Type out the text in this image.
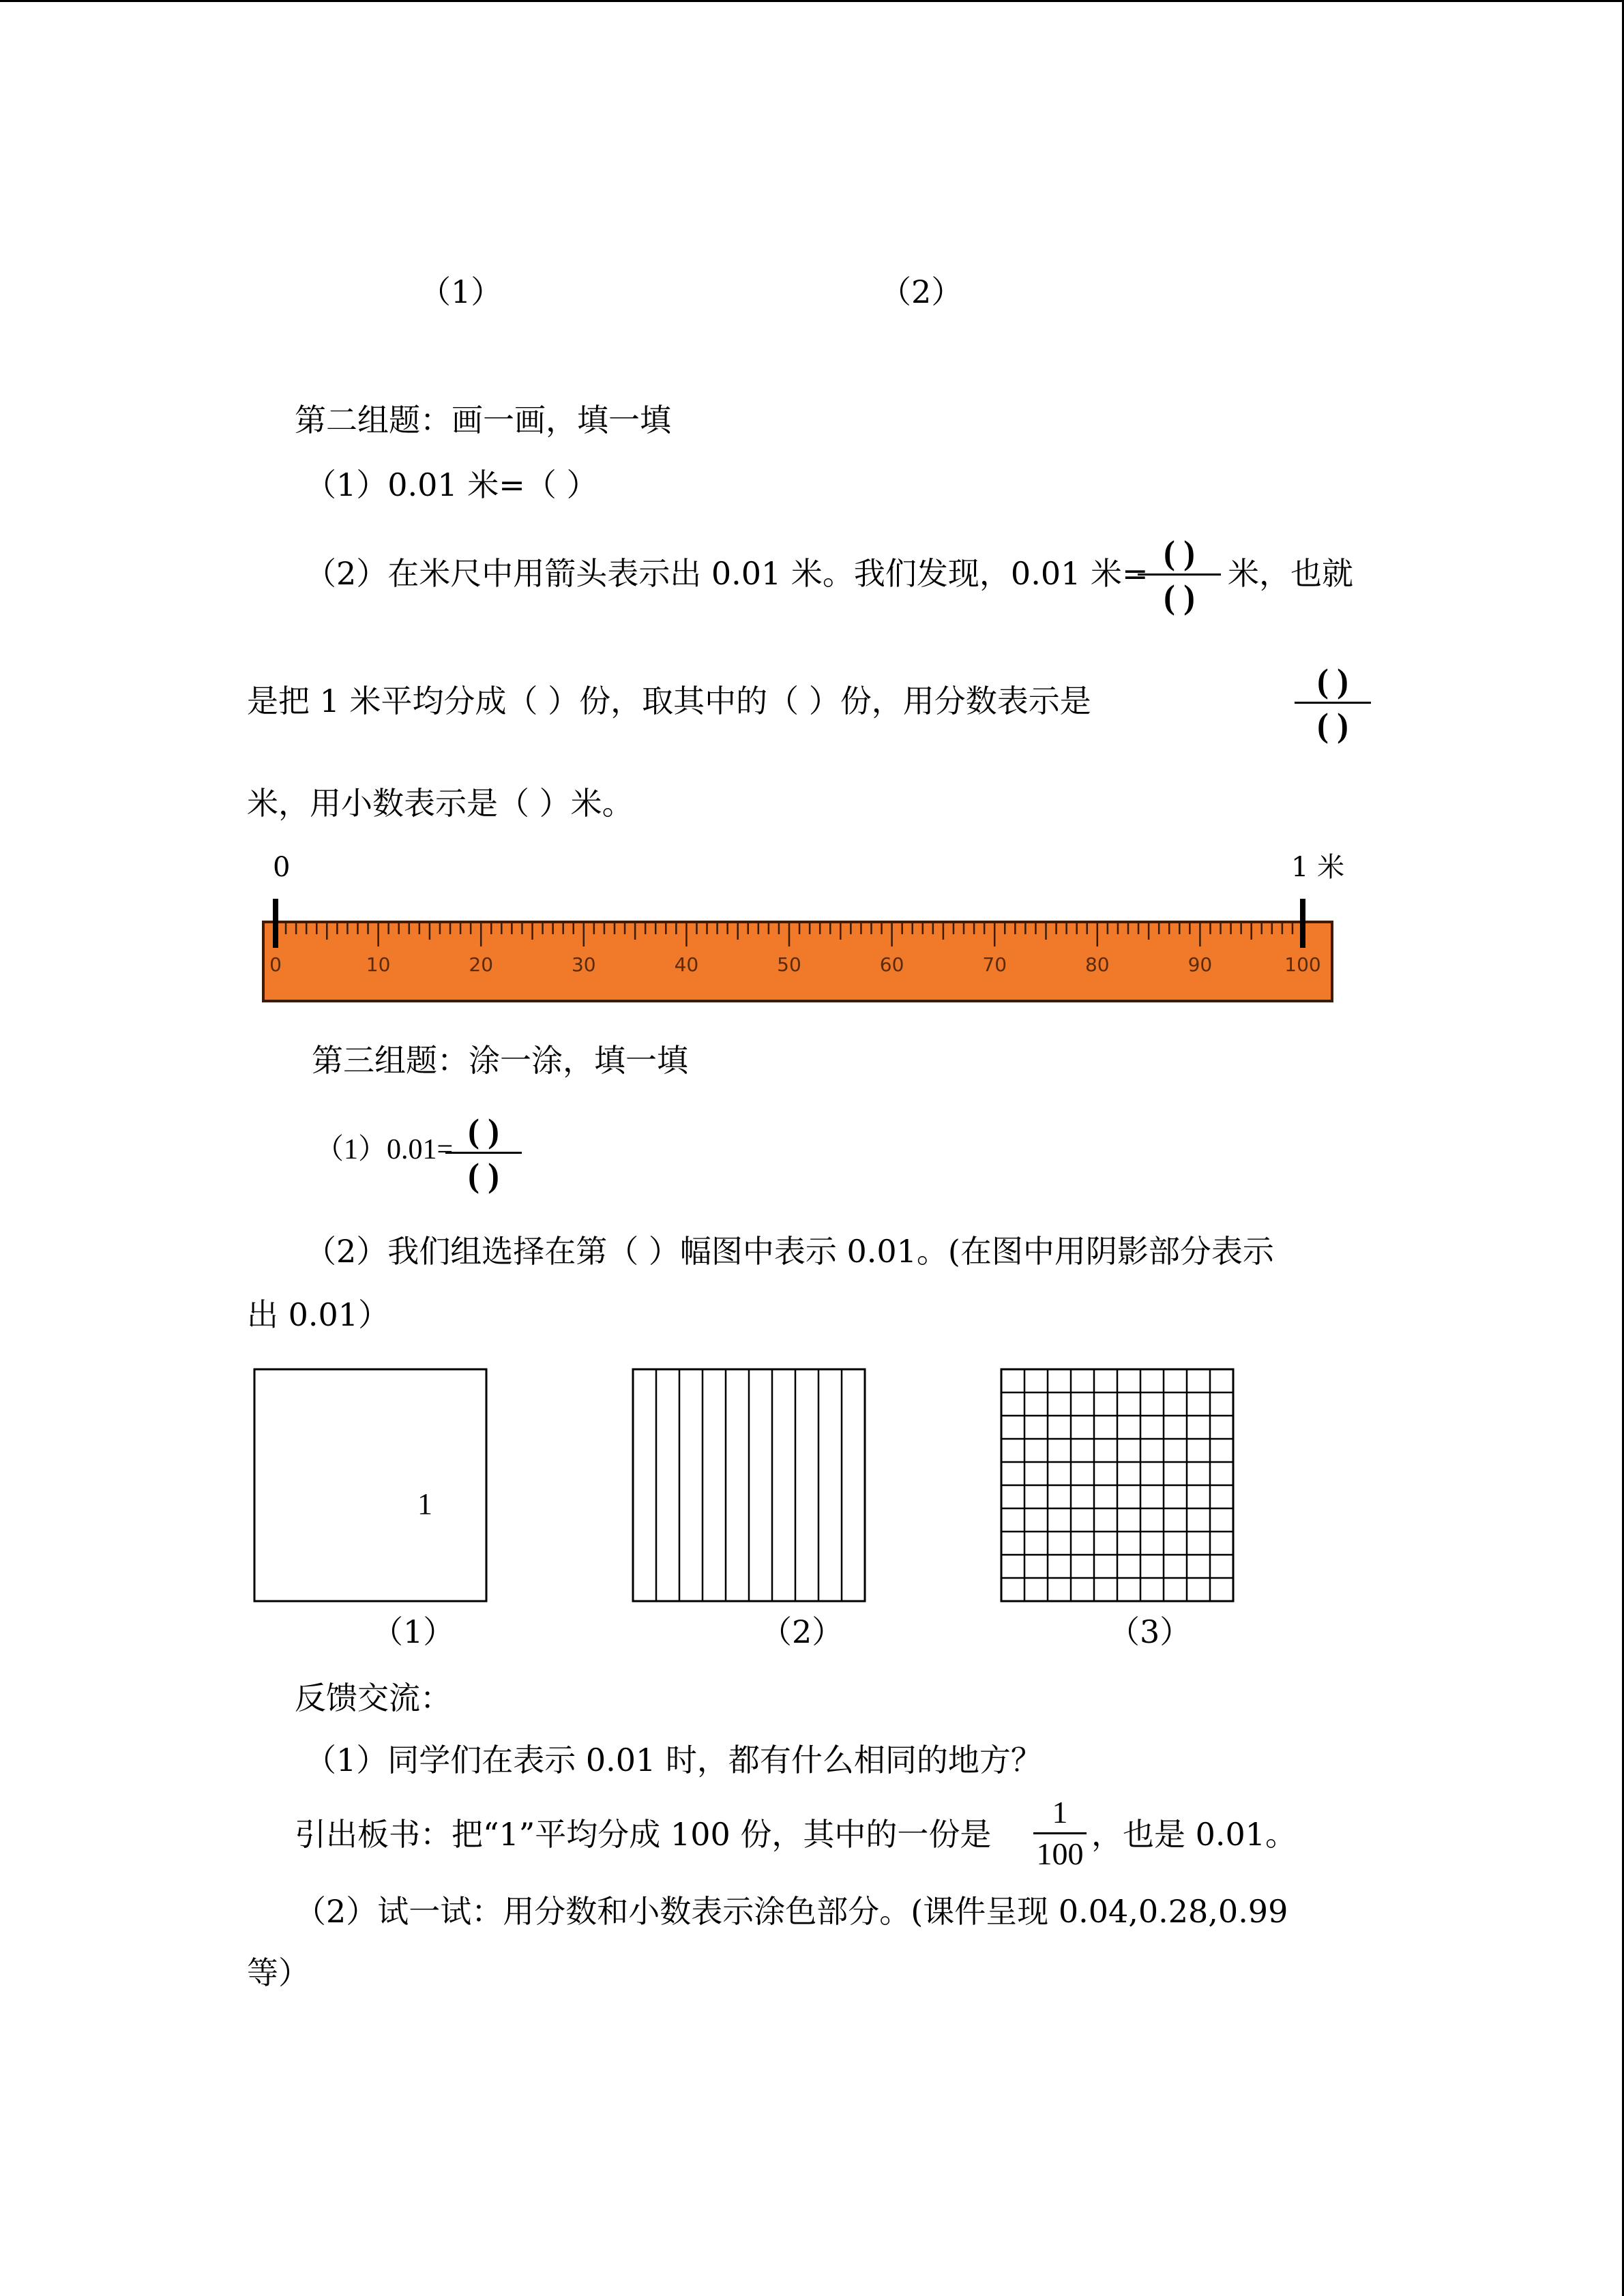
（1）	（2）
第二组题：画一画，填一填
（1）0.01 米=（ ）
（2）在米尺中用箭头表示出 0.01 米。我们发现，0.01 米=
( )
( )
米，也就
是把 1 米平均分成（ ）份，取其中的（ ）份，用分数表示是
( )
( )
米，用小数表示是（ ）米。
0	1 米
0	10	20	30	40	50	60	70	80	90	100
第三组题：涂一涂，填一填
（1）0.01= ( )
( )
（2）我们组选择在第（ ）幅图中表示 0.01。(在图中用阴影部分表示
出 0.01）
1
（1）	（2）	（3）
反馈交流：
（1）同学们在表示 0.01 时，都有什么相同的地方？
引出板书：把“1”平均分成 100 份，其中的一份是
1
100
，也是 0.01。
（2）试一试：用分数和小数表示涂色部分。(课件呈现 0.04,0.28,0.99
等）
